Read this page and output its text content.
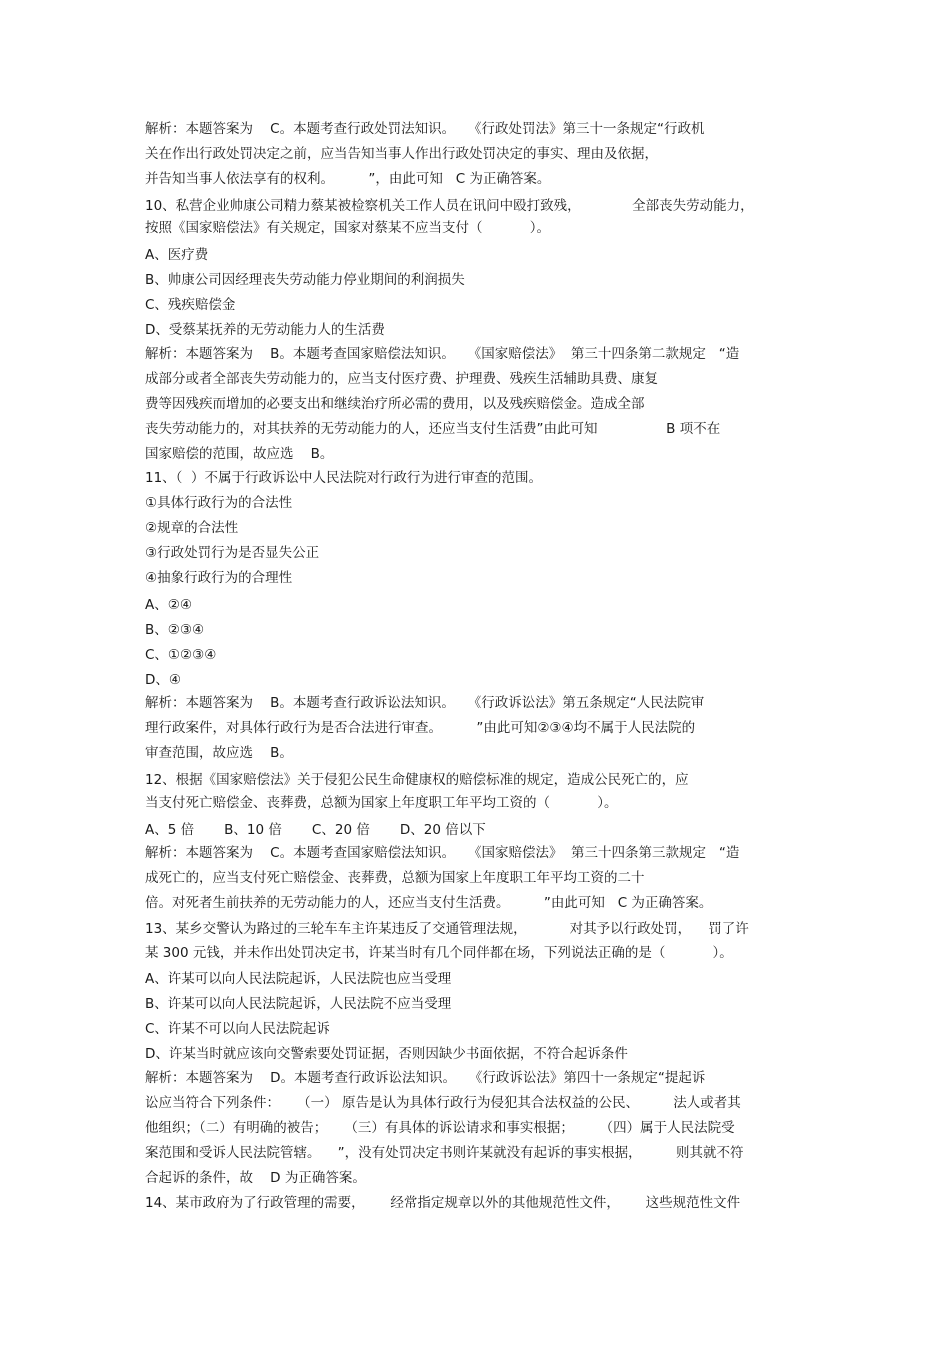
解析：本题答案为    C。本题考查行政处罚法知识。   《行政处罚法》第三十一条规定“行政机
关在作出行政处罚决定之前，应当告知当事人作出行政处罚决定的事实、理由及依据，
并告知当事人依法享有的权利。        ”，由此可知   C 为正确答案。
10、私营企业帅康公司精力蔡某被检察机关工作人员在讯问中殴打致残，            全部丧失劳动能力，
按照《国家赔偿法》有关规定，国家对蔡某不应当支付（           ）。
A、医疗费
B、帅康公司因经理丧失劳动能力停业期间的利润损失
C、残疾赔偿金
D、受蔡某抚养的无劳动能力人的生活费
解析：本题答案为    B。本题考查国家赔偿法知识。   《国家赔偿法》  第三十四条第二款规定   “造
成部分或者全部丧失劳动能力的，应当支付医疗费、护理费、残疾生活辅助具费、康复
费等因残疾而增加的必要支出和继续治疗所必需的费用，以及残疾赔偿金。造成全部
丧失劳动能力的，对其扶养的无劳动能力的人，还应当支付生活费”由此可知                B 项不在
国家赔偿的范围，故应选    B。
11、（  ）不属于行政诉讼中人民法院对行政行为进行审查的范围。
①具体行政行为的合法性
②规章的合法性
③行政处罚行为是否显失公正
④抽象行政行为的合理性
A、②④
B、②③④
C、①②③④
D、④
解析：本题答案为    B。本题考查行政诉讼法知识。   《行政诉讼法》第五条规定“人民法院审
理行政案件，对具体行政行为是否合法进行审查。        ”由此可知②③④均不属于人民法院的
审查范围，故应选    B。
12、根据《国家赔偿法》关于侵犯公民生命健康权的赔偿标准的规定，造成公民死亡的，应
当支付死亡赔偿金、丧葬费，总额为国家上年度职工年平均工资的（           ）。
A、5 倍       B、10 倍       C、20 倍       D、20 倍以下
解析：本题答案为    C。本题考查国家赔偿法知识。   《国家赔偿法》  第三十四条第三款规定   “造
成死亡的，应当支付死亡赔偿金、丧葬费，总额为国家上年度职工年平均工资的二十
倍。对死者生前扶养的无劳动能力的人，还应当支付生活费。        ”由此可知   C 为正确答案。
13、某乡交警认为路过的三轮车车主许某违反了交通管理法规，          对其予以行政处罚，    罚了许
某 300 元钱，并未作出处罚决定书，许某当时有几个同伴都在场，下列说法正确的是（           ）。
A、许某可以向人民法院起诉，人民法院也应当受理
B、许某可以向人民法院起诉，人民法院不应当受理
C、许某不可以向人民法院起诉
D、许某当时就应该向交警索要处罚证据，否则因缺少书面依据，不符合起诉条件
解析：本题答案为    D。本题考查行政诉讼法知识。   《行政诉讼法》第四十一条规定“提起诉
讼应当符合下列条件：    （一） 原告是认为具体行政行为侵犯其合法权益的公民、        法人或者其
他组织；（二）有明确的被告；    （三）有具体的诉讼请求和事实根据；      （四）属于人民法院受
案范围和受诉人民法院管辖。    ”，没有处罚决定书则许某就没有起诉的事实根据，        则其就不符
合起诉的条件，故    D 为正确答案。
14、某市政府为了行政管理的需要，      经常指定规章以外的其他规范性文件，      这些规范性文件
